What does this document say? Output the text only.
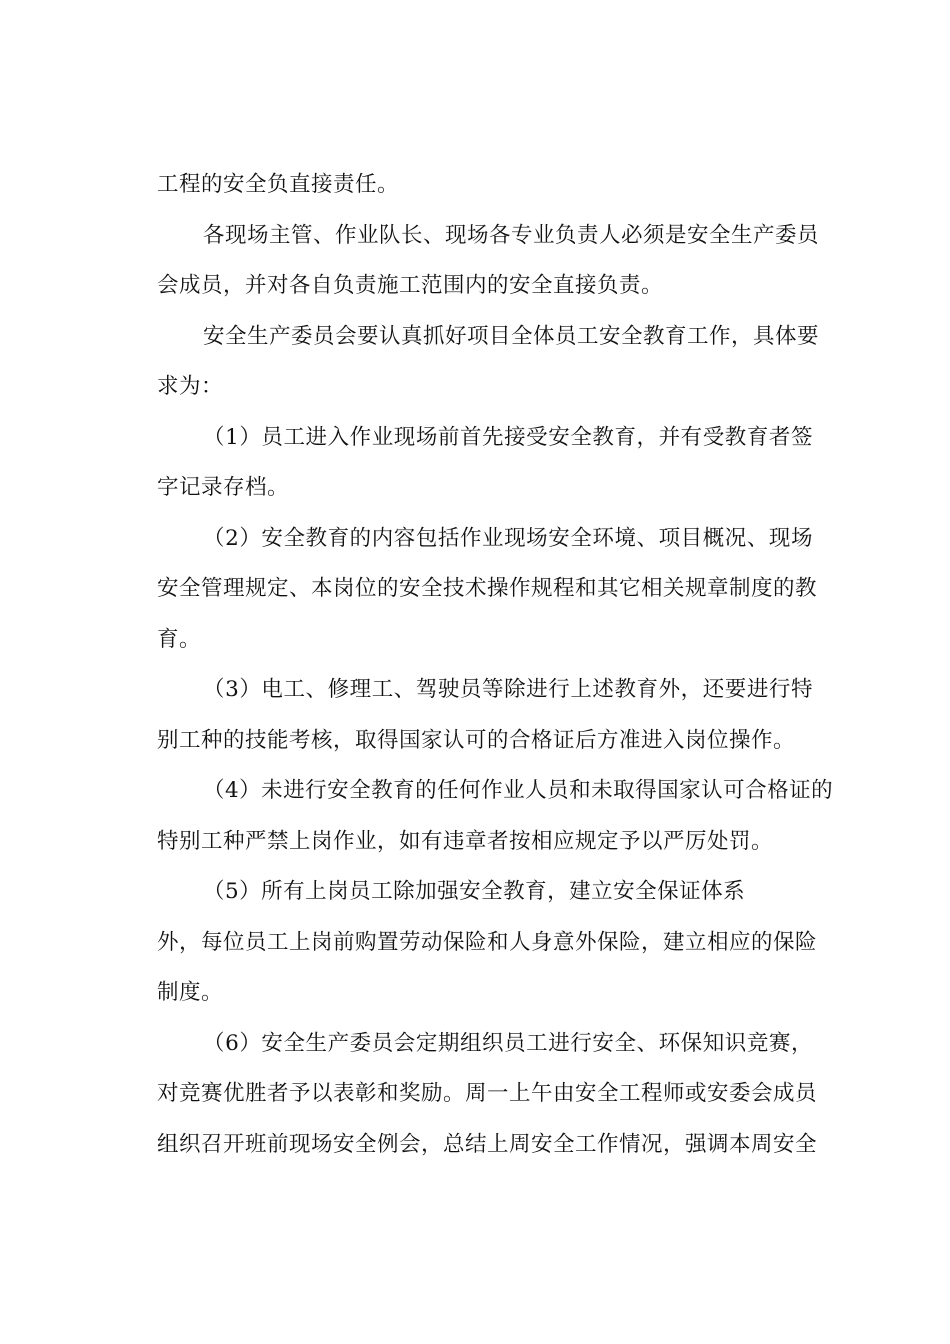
工程的安全负直接责任。

各现场主管、作业队长、现场各专业负责人必须是安全生产委员
会成员，并对各自负责施工范围内的安全直接负责。

安全生产委员会要认真抓好项目全体员工安全教育工作，具体要
求为：

（1）员工进入作业现场前首先接受安全教育，并有受教育者签
字记录存档。

（2）安全教育的内容包括作业现场安全环境、项目概况、现场
安全管理规定、本岗位的安全技术操作规程和其它相关规章制度的教
育。

（3）电工、修理工、驾驶员等除进行上述教育外，还要进行特
别工种的技能考核，取得国家认可的合格证后方准进入岗位操作。

（4）未进行安全教育的任何作业人员和未取得国家认可合格证的
特别工种严禁上岗作业，如有违章者按相应规定予以严厉处罚。

（5）所有上岗员工除加强安全教育，建立安全保证体系
外，每位员工上岗前购置劳动保险和人身意外保险，建立相应的保险
制度。

（6）安全生产委员会定期组织员工进行安全、环保知识竞赛，
对竞赛优胜者予以表彰和奖励。周一上午由安全工程师或安委会成员
组织召开班前现场安全例会，总结上周安全工作情况，强调本周安全
